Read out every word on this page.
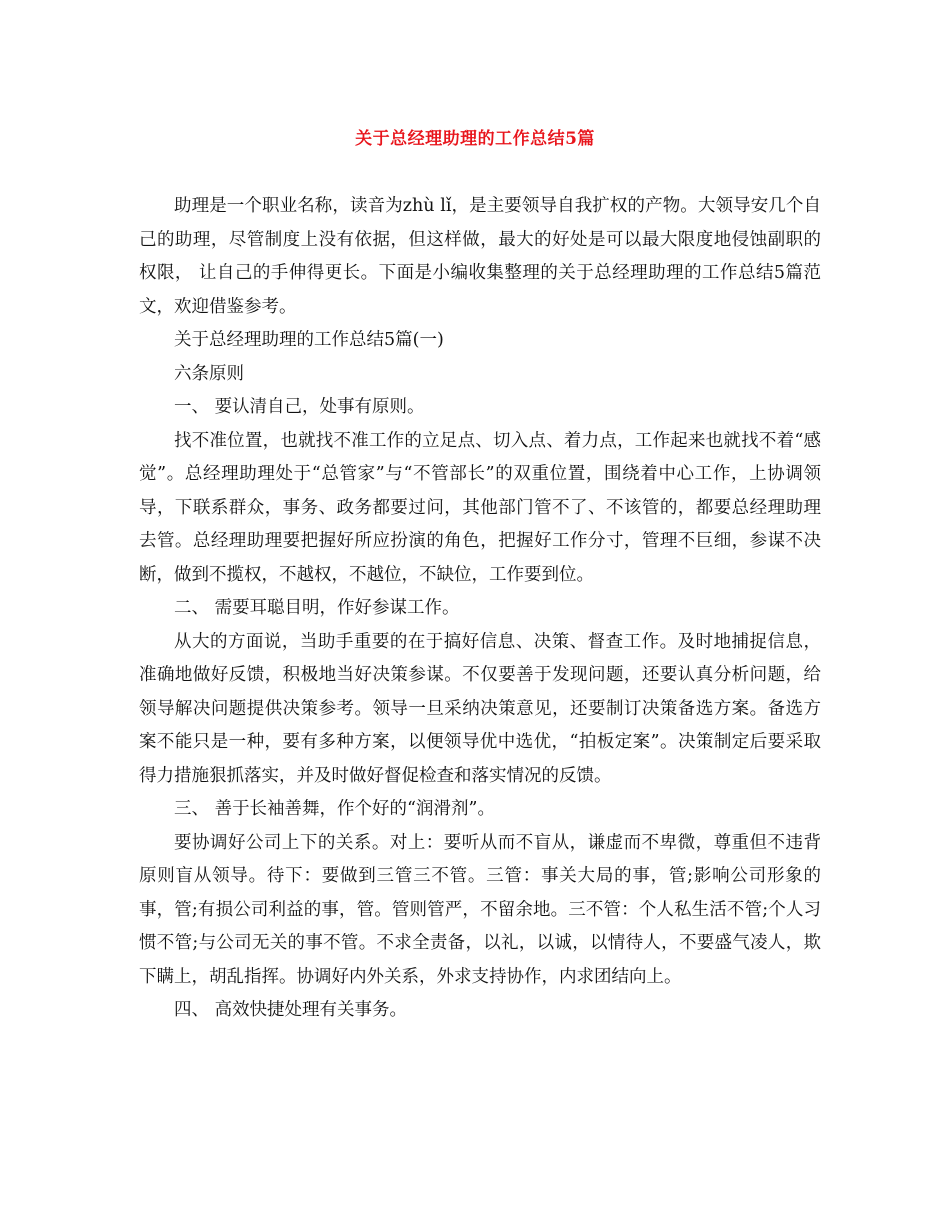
关于总经理助理的工作总结5篇

助理是一个职业名称，读音为zhù lǐ，是主要领导自我扩权的产物。大领导安几个自己的助理，尽管制度上没有依据，但这样做，最大的好处是可以最大限度地侵蚀副职的权限， 让自己的手伸得更长。下面是小编收集整理的关于总经理助理的工作总结5篇范文，欢迎借鉴参考。

关于总经理助理的工作总结5篇(一)

六条原则

一、 要认清自己，处事有原则。

找不准位置，也就找不准工作的立足点、切入点、着力点，工作起来也就找不着“感觉”。总经理助理处于“总管家”与“不管部长”的双重位置，围绕着中心工作，上协调领导，下联系群众，事务、政务都要过问，其他部门管不了、不该管的，都要总经理助理去管。总经理助理要把握好所应扮演的角色，把握好工作分寸，管理不巨细，参谋不决断，做到不揽权，不越权，不越位，不缺位，工作要到位。

二、 需要耳聪目明，作好参谋工作。

从大的方面说，当助手重要的在于搞好信息、决策、督查工作。及时地捕捉信息，准确地做好反馈，积极地当好决策参谋。不仅要善于发现问题，还要认真分析问题，给领导解决问题提供决策参考。领导一旦采纳决策意见，还要制订决策备选方案。备选方案不能只是一种，要有多种方案，以便领导优中选优，“拍板定案”。决策制定后要采取得力措施狠抓落实，并及时做好督促检查和落实情况的反馈。

三、 善于长袖善舞，作个好的“润滑剂”。

要协调好公司上下的关系。对上：要听从而不盲从，谦虚而不卑微，尊重但不违背原则盲从领导。待下：要做到三管三不管。三管：事关大局的事，管;影响公司形象的事，管;有损公司利益的事，管。管则管严，不留余地。三不管：个人私生活不管;个人习惯不管;与公司无关的事不管。不求全责备，以礼，以诚，以情待人，不要盛气凌人，欺下瞒上，胡乱指挥。协调好内外关系，外求支持协作，内求团结向上。

四、 高效快捷处理有关事务。
